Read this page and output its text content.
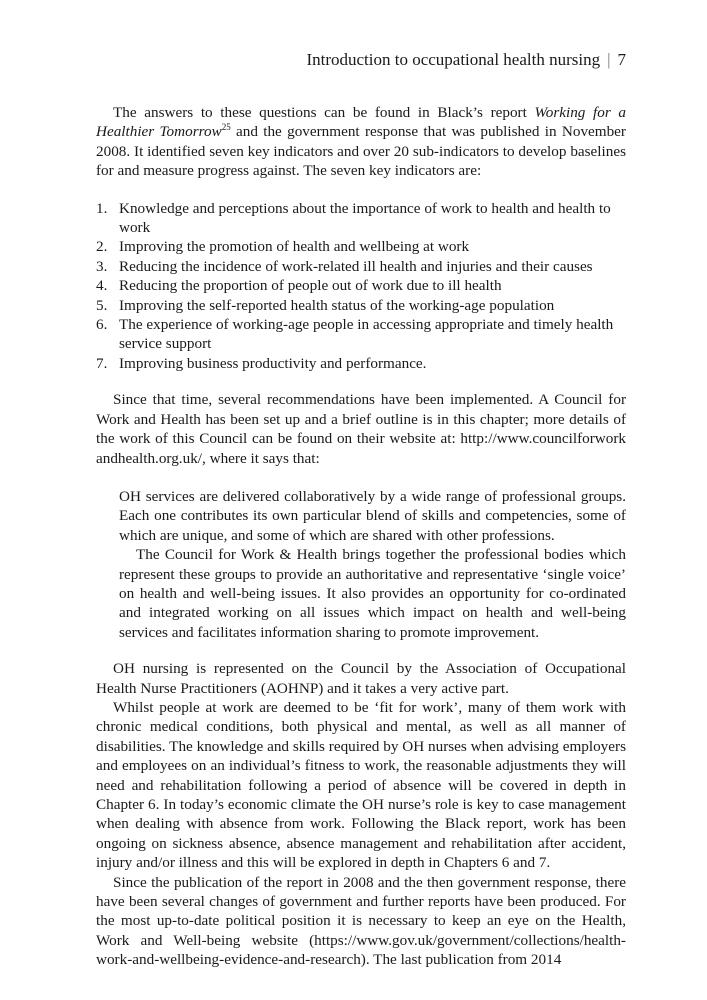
Introduction to occupational health nursing | 7

The answers to these questions can be found in Black’s report Working for a Healthier Tomorrow$^{25}$ and the government response that was published in November 2008. It identified seven key indicators and over 20 sub-indicators to develop baselines for and measure progress against. The seven key indicators are:

1. Knowledge and perceptions about the importance of work to health and health to work
2. Improving the promotion of health and wellbeing at work
3. Reducing the incidence of work-related ill health and injuries and their causes
4. Reducing the proportion of people out of work due to ill health
5. Improving the self-reported health status of the working-age population
6. The experience of working-age people in accessing appropriate and timely health service support
7. Improving business productivity and performance.

Since that time, several recommendations have been implemented. A Council for Work and Health has been set up and a brief outline is in this chapter; more details of the work of this Council can be found on their website at: http://www.councilforwork andhealth.org.uk/, where it says that:

OH services are delivered collaboratively by a wide range of professional groups. Each one contributes its own particular blend of skills and competencies, some of which are unique, and some of which are shared with other professions.

The Council for Work & Health brings together the professional bodies which represent these groups to provide an authoritative and representative ‘single voice’ on health and well-being issues. It also provides an opportunity for co-ordinated and integrated working on all issues which impact on health and well-being services and facilitates information sharing to promote improvement.

OH nursing is represented on the Council by the Association of Occupational Health Nurse Practitioners (AOHNP) and it takes a very active part.

Whilst people at work are deemed to be ‘fit for work’, many of them work with chronic medical conditions, both physical and mental, as well as all manner of disabilities. The knowledge and skills required by OH nurses when advising employers and employees on an individual’s fitness to work, the reasonable adjustments they will need and rehabilitation following a period of absence will be covered in depth in Chapter 6. In today’s economic climate the OH nurse’s role is key to case management when dealing with absence from work. Following the Black report, work has been ongoing on sickness absence, absence management and rehabilitation after accident, injury and/or illness and this will be explored in depth in Chapters 6 and 7.

Since the publication of the report in 2008 and the then government response, there have been several changes of government and further reports have been produced. For the most up-to-date political position it is necessary to keep an eye on the Health, Work and Well-being website (https://www.gov.uk/government/collections/health-work-and-wellbeing-evidence-and-research). The last publication from 2014
